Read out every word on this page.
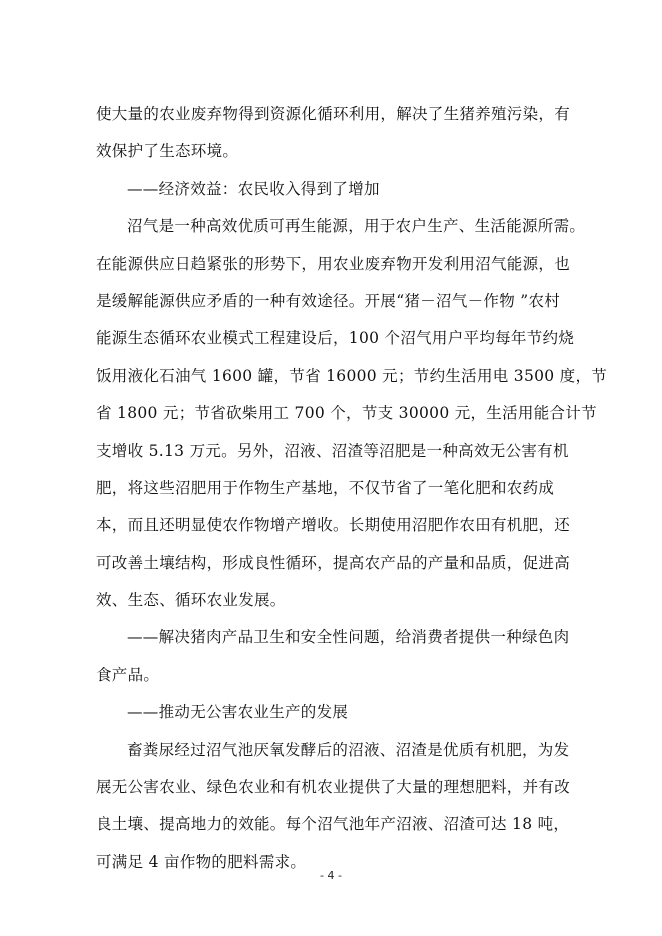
使大量的农业废弃物得到资源化循环利用，解决了生猪养殖污染，有
效保护了生态环境。
——经济效益：农民收入得到了增加
沼气是一种高效优质可再生能源，用于农户生产、生活能源所需。
在能源供应日趋紧张的形势下，用农业废弃物开发利用沼气能源，也
是缓解能源供应矛盾的一种有效途径。开展“猪－沼气－作物 ”农村
能源生态循环农业模式工程建设后，100 个沼气用户平均每年节约烧
饭用液化石油气 1600 罐，节省 16000 元；节约生活用电 3500 度，节
省 1800 元；节省砍柴用工 700 个，节支 30000 元，生活用能合计节
支增收 5.13 万元。另外，沼液、沼渣等沼肥是一种高效无公害有机
肥，将这些沼肥用于作物生产基地，不仅节省了一笔化肥和农药成
本，而且还明显使农作物增产增收。长期使用沼肥作农田有机肥，还
可改善土壤结构，形成良性循环，提高农产品的产量和品质，促进高
效、生态、循环农业发展。
——解决猪肉产品卫生和安全性问题，给消费者提供一种绿色肉
食产品。
——推动无公害农业生产的发展
畜粪尿经过沼气池厌氧发酵后的沼液、沼渣是优质有机肥，为发
展无公害农业、绿色农业和有机农业提供了大量的理想肥料，并有改
良土壤、提高地力的效能。每个沼气池年产沼液、沼渣可达 18 吨，
可满足 4 亩作物的肥料需求。
- 4 -
